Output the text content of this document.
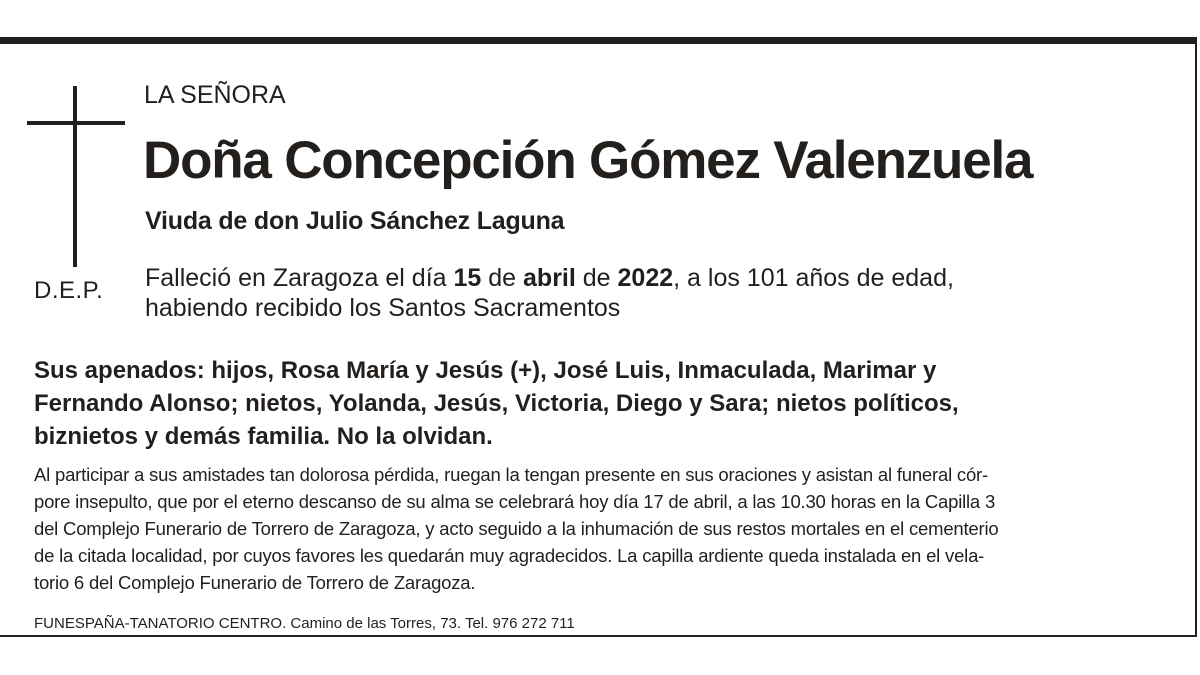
D.E.P.
LA SEÑORA
Doña Concepción Gómez Valenzuela
Viuda de don Julio Sánchez Laguna
Falleció en Zaragoza el día 15 de abril de 2022, a los 101 años de edad,
habiendo recibido los Santos Sacramentos
Sus apenados: hijos, Rosa María y Jesús (+), José Luis, Inmaculada, Marimar y
Fernando Alonso; nietos, Yolanda, Jesús, Victoria, Diego y Sara; nietos políticos,
biznietos y demás familia. No la olvidan.
Al participar a sus amistades tan dolorosa pérdida, ruegan la tengan presente en sus oraciones y asistan al funeral cór-
pore insepulto, que por el eterno descanso de su alma se celebrará hoy día 17 de abril, a las 10.30 horas en la Capilla 3
del Complejo Funerario de Torrero de Zaragoza, y acto seguido a la inhumación de sus restos mortales en el cementerio
de la citada localidad, por cuyos favores les quedarán muy agradecidos. La capilla ardiente queda instalada en el vela-
torio 6 del Complejo Funerario de Torrero de Zaragoza.
FUNESPAÑA-TANATORIO CENTRO. Camino de las Torres, 73. Tel. 976 272 711
